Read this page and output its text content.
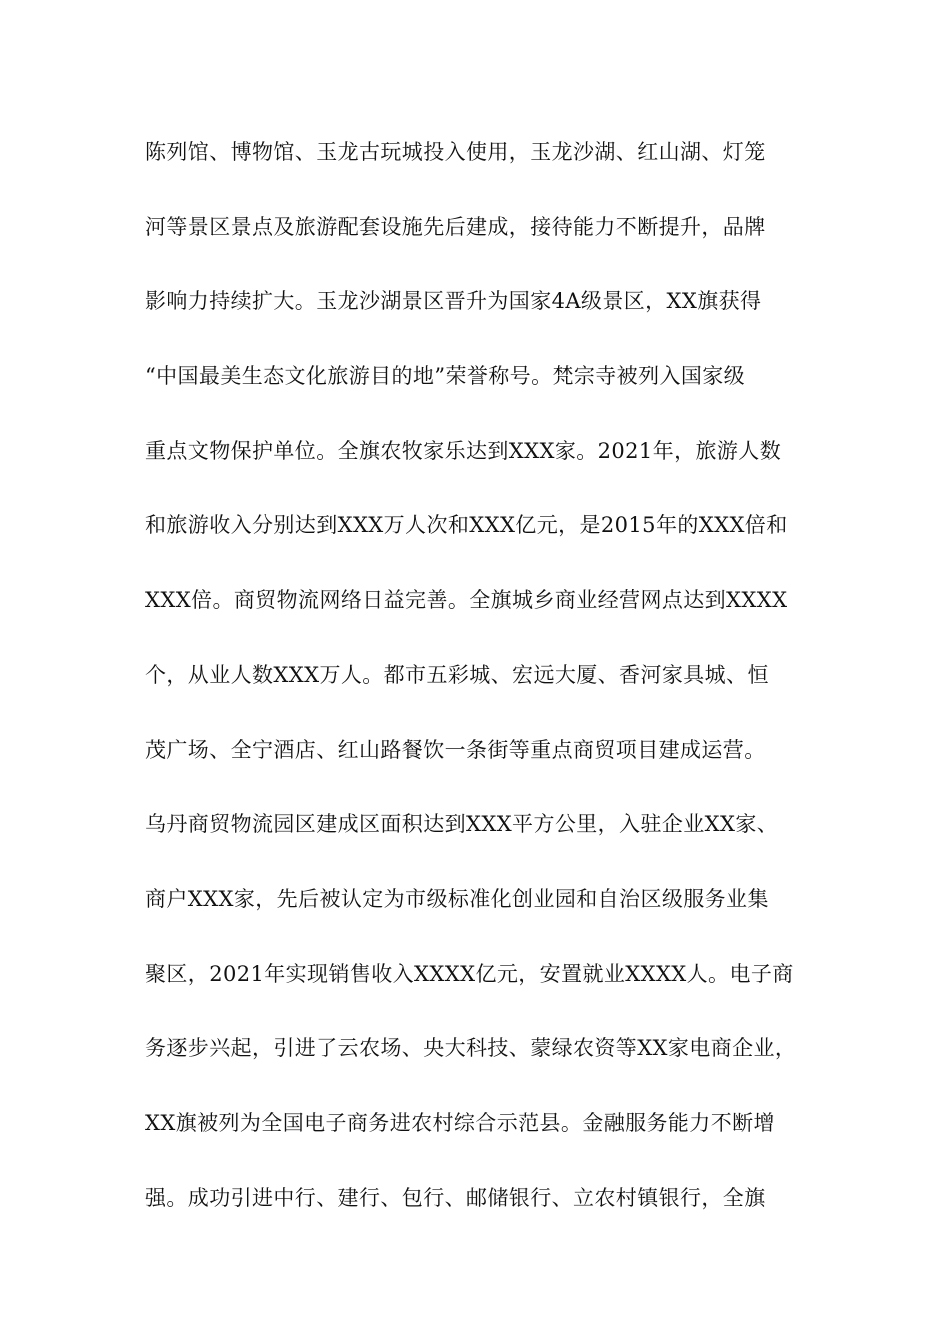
陈列馆、博物馆、玉龙古玩城投入使用，玉龙沙湖、红山湖、灯笼
河等景区景点及旅游配套设施先后建成，接待能力不断提升，品牌
影响力持续扩大。玉龙沙湖景区晋升为国家4A级景区，XX旗获得
“中国最美生态文化旅游目的地”荣誉称号。梵宗寺被列入国家级
重点文物保护单位。全旗农牧家乐达到XXX家。2021年，旅游人数
和旅游收入分别达到XXX万人次和XXX亿元，是2015年的XXX倍和
XXX倍。商贸物流网络日益完善。全旗城乡商业经营网点达到XXXX
个，从业人数XXX万人。都市五彩城、宏远大厦、香河家具城、恒
茂广场、全宁酒店、红山路餐饮一条街等重点商贸项目建成运营。
乌丹商贸物流园区建成区面积达到XXX平方公里，入驻企业XX家、
商户XXX家，先后被认定为市级标准化创业园和自治区级服务业集
聚区，2021年实现销售收入XXXX亿元，安置就业XXXX人。电子商
务逐步兴起，引进了云农场、央大科技、蒙绿农资等XX家电商企业，
XX旗被列为全国电子商务进农村综合示范县。金融服务能力不断增
强。成功引进中行、建行、包行、邮储银行、立农村镇银行，全旗
